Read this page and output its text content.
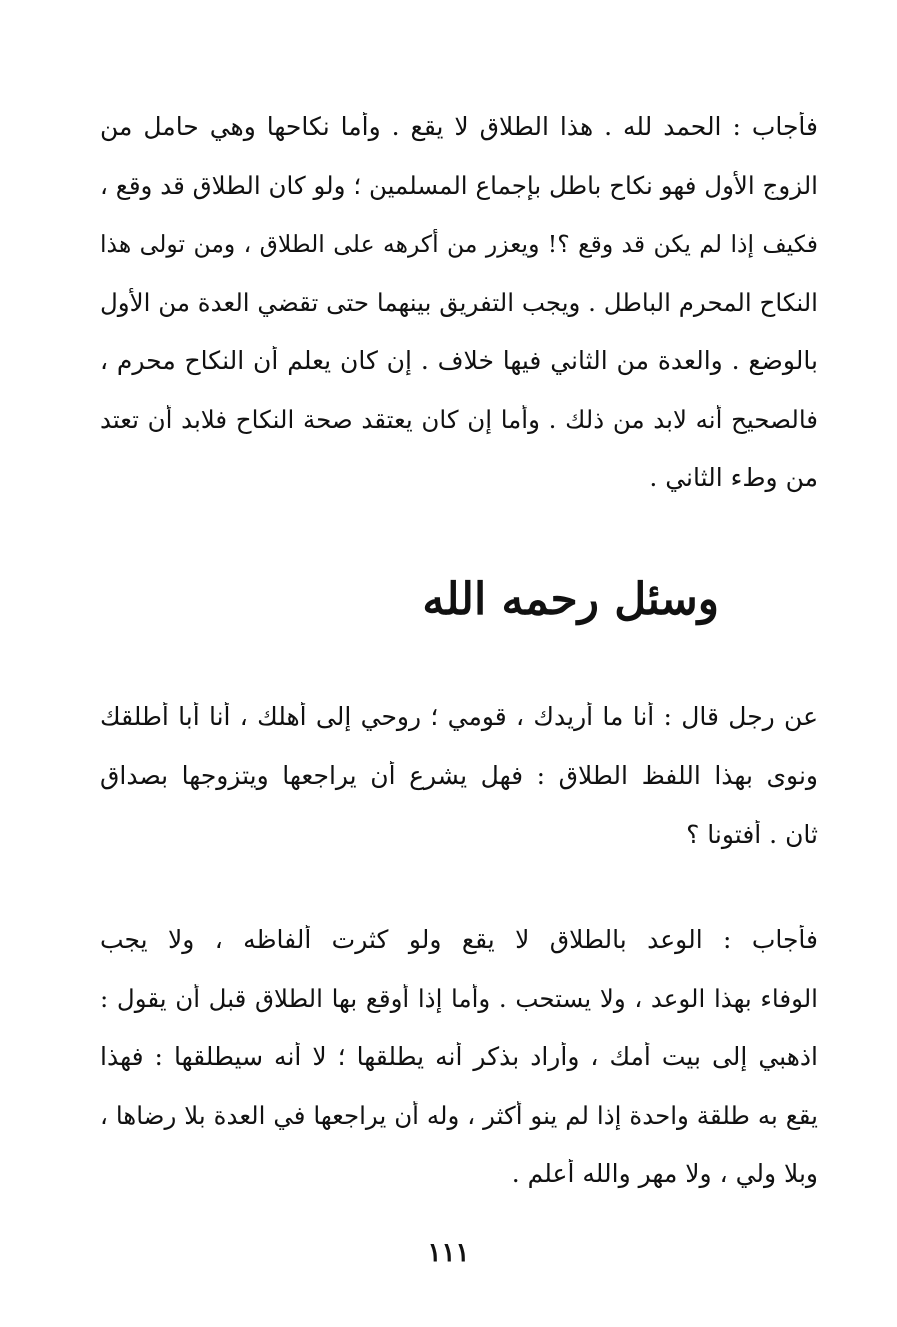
فأجاب : الحمد لله . هذا الطلاق لا يقع . وأما نكاحها وهي حامل من
الزوج الأول فهو نكاح باطل بإجماع المسلمين ؛ ولو كان الطلاق قد وقع ،
فكيف إذا لم يكن قد وقع ؟! ويعزر من أكرهه على الطلاق ، ومن تولى هذا
النكاح المحرم الباطل . ويجب التفريق بينهما حتى تقضي العدة من الأول
بالوضع . والعدة من الثاني فيها خلاف . إن كان يعلم أن النكاح محرم ،
فالصحيح أنه لابد من ذلك . وأما إن كان يعتقد صحة النكاح فلابد أن تعتد
من وطء الثاني .
وسئل رحمه الله
عن رجل قال : أنا ما أريدك ، قومي ؛ روحي إلى أهلك ، أنا أبا أطلقك
ونوى بهذا اللفظ الطلاق : فهل يشرع أن يراجعها ويتزوجها بصداق
ثان . أفتونا ؟
فأجاب : الوعد بالطلاق لا يقع ولو كثرت ألفاظه ، ولا يجب
الوفاء بهذا الوعد ، ولا يستحب . وأما إذا أوقع بها الطلاق قبل أن يقول :
اذهبي إلى بيت أمك ، وأراد بذكر أنه يطلقها ؛ لا أنه سيطلقها : فهذا
يقع به طلقة واحدة إذا لم ينو أكثر ، وله أن يراجعها في العدة بلا رضاها ،
وبلا ولي ، ولا مهر والله أعلم .
١١١
